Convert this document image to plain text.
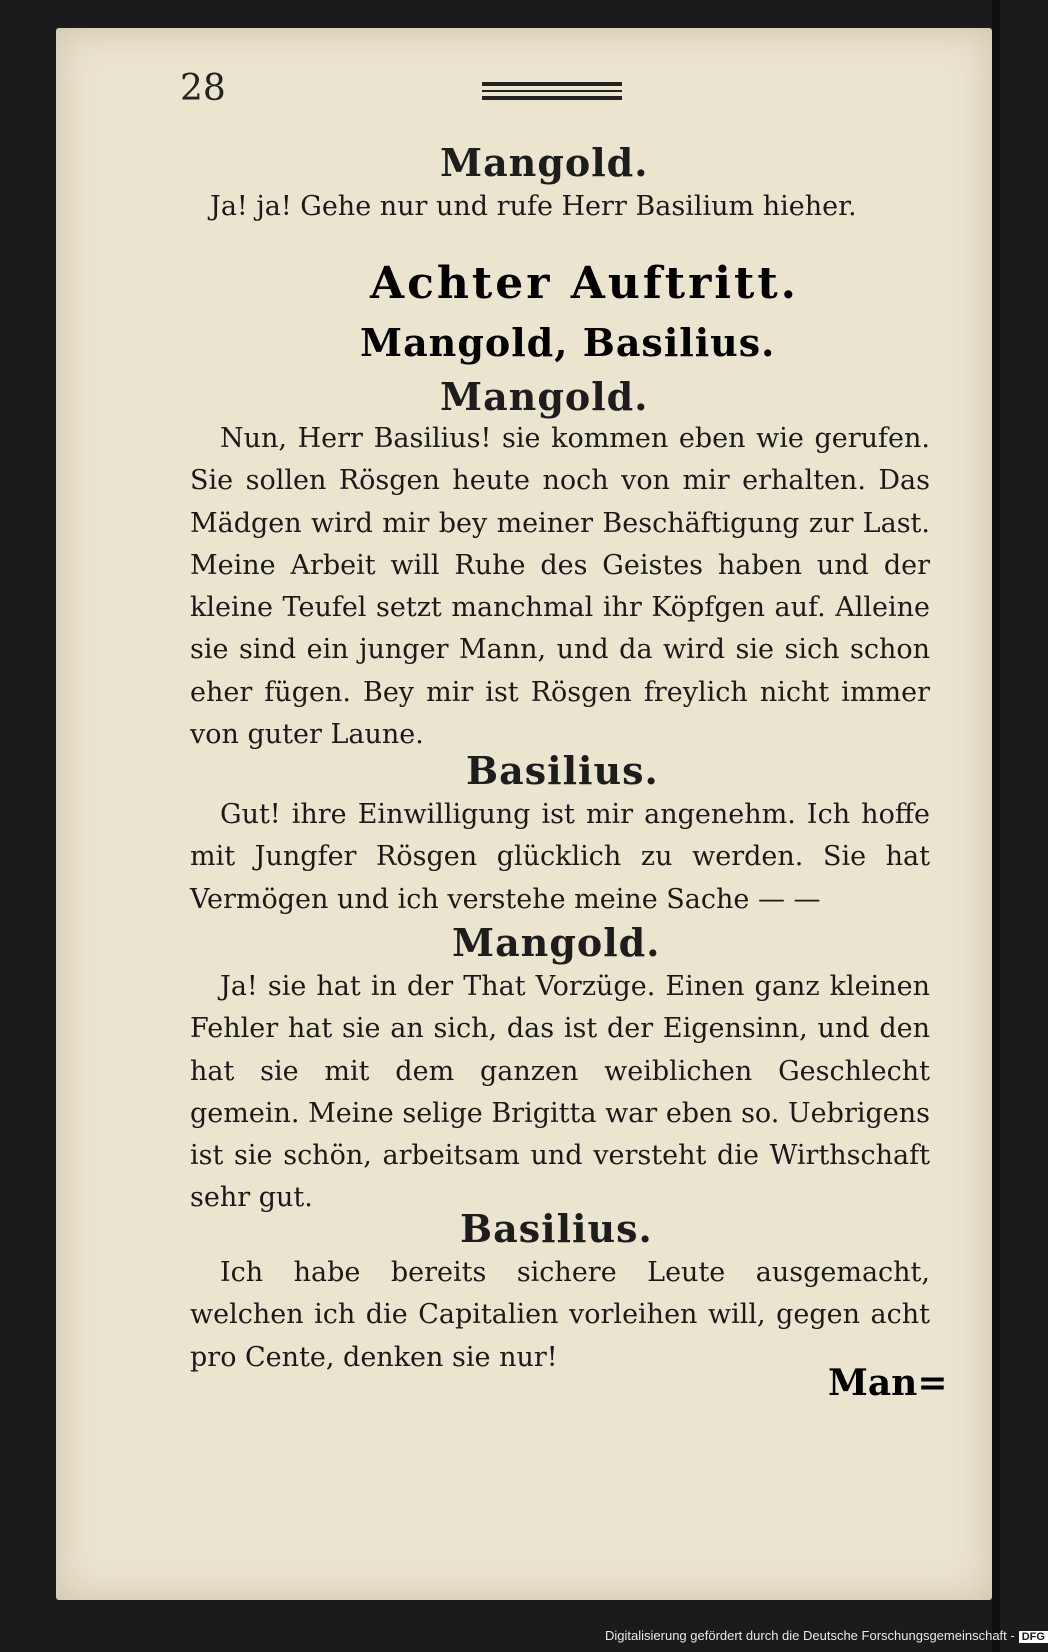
28
Mangold.
Ja! ja! Gehe nur und rufe Herr Basilium hieher.
Achter Auftritt.
Mangold, Basilius.
Mangold.
Nun, Herr Basilius! sie kommen eben wie gerufen. Sie sollen Rösgen heute noch von mir erhalten. Das Mädgen wird mir bey meiner Beschäftigung zur Last. Meine Arbeit will Ruhe des Geistes haben und der kleine Teufel setzt manchmal ihr Köpfgen auf. Alleine sie sind ein junger Mann, und da wird sie sich schon eher fügen. Bey mir ist Rösgen freylich nicht immer von guter Laune.
Basilius.
Gut! ihre Einwilligung ist mir angenehm. Ich hoffe mit Jungfer Rösgen glücklich zu werden. Sie hat Vermögen und ich verstehe meine Sache — —
Mangold.
Ja! sie hat in der That Vorzüge. Einen ganz kleinen Fehler hat sie an sich, das ist der Eigensinn, und den hat sie mit dem ganzen weiblichen Geschlecht gemein. Meine selige Brigitta war eben so. Uebrigens ist sie schön, arbeitsam und versteht die Wirthschaft sehr gut.
Basilius.
Ich habe bereits sichere Leute ausgemacht, welchen ich die Capitalien vorleihen will, gegen acht pro Cente, denken sie nur!
Man=
Digitalisierung gefördert durch die Deutsche Forschungsgemeinschaft - DFG
